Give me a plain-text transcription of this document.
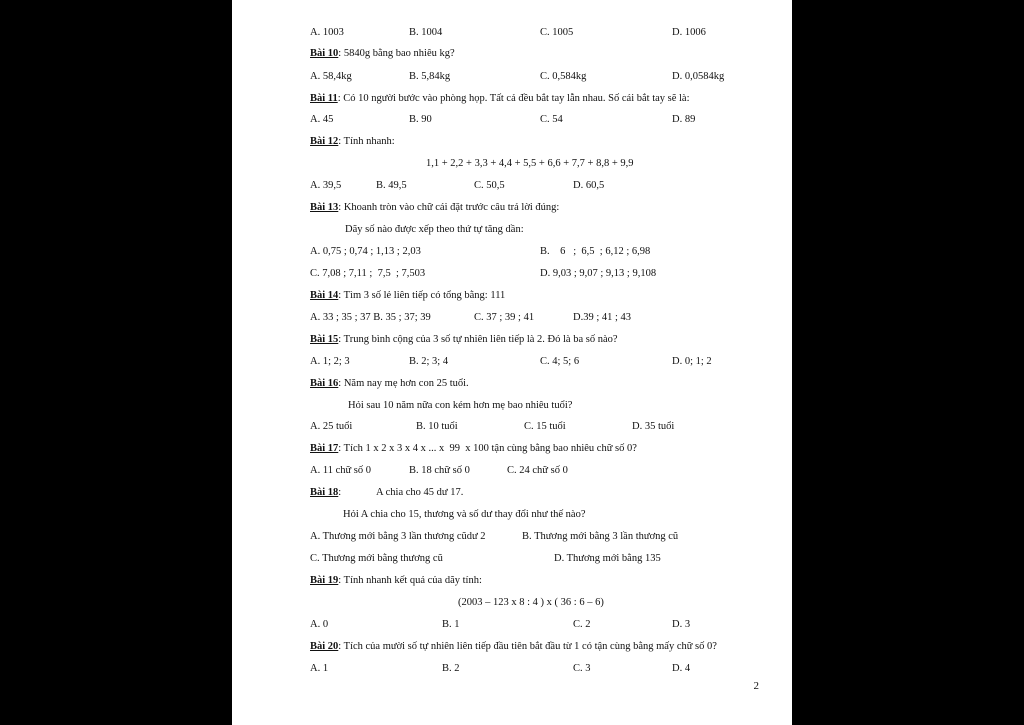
A. 1003	B. 1004	C. 1005	D. 1006
Bài 10: 5840g bằng bao nhiêu kg?
A. 58,4kg	B. 5,84kg	C. 0,584kg	D. 0,0584kg
Bài 11: Có 10 người bước vào phòng họp. Tất cả đều bắt tay lẫn nhau. Số cái bắt tay sẽ là:
A. 45	B. 90	C. 54	D. 89
Bài 12: Tính nhanh:
1,1 + 2,2 + 3,3 + 4,4 + 5,5 + 6,6 + 7,7 + 8,8 + 9,9
A. 39,5	B. 49,5	C. 50,5	D. 60,5
Bài 13: Khoanh tròn vào chữ cái đặt trước câu trả lời đúng:
Dãy số nào được xếp theo thứ tự tăng dần:
A. 0,75 ; 0,74 ; 1,13 ; 2,03	B.    6   ;  6,5  ; 6,12 ; 6,98
C. 7,08 ; 7,11 ;  7,5  ; 7,503	D. 9,03 ; 9,07 ; 9,13 ; 9,108
Bài 14: Tìm 3 số lẻ liên tiếp có tổng bằng: 111
A. 33 ; 35 ; 37 B. 35 ; 37; 39	C. 37 ; 39 ; 41	D.39 ; 41 ; 43
Bài 15: Trung bình cộng của 3 số tự nhiên liên tiếp là 2. Đó là ba số nào?
A. 1; 2; 3	B. 2; 3; 4	C. 4; 5; 6	D. 0; 1; 2
Bài 16: Năm nay mẹ hơn con 25 tuổi.
Hỏi sau 10 năm nữa con kém hơn mẹ bao nhiêu tuổi?
A. 25 tuổi	B. 10 tuổi	C. 15 tuổi	D. 35 tuổi
Bài 17: Tích 1 x 2 x 3 x 4 x ... x  99  x 100 tận cùng bằng bao nhiêu chữ số 0?
A. 11 chữ số 0	B. 18 chữ số 0	C. 24 chữ số 0
Bài 18:	A chia cho 45 dư 17.
Hỏi A chia cho 15, thương và số dư thay đổi như thế nào?
A. Thương mới bằng 3 lần thương cũdư 2	B. Thương mới bằng 3 lần thương cũ
C. Thương mới bằng thương cũ	D. Thương mới bằng 135
Bài 19: Tính nhanh kết quả của dãy tính:
(2003 – 123 x 8 : 4 ) x ( 36 : 6 – 6)
A. 0	B. 1	C. 2	D. 3
Bài 20: Tích của mười số tự nhiên liên tiếp đầu tiên bắt đầu từ 1 có tận cùng bằng mấy chữ số 0?
A. 1	B. 2	C. 3	D. 4
2
